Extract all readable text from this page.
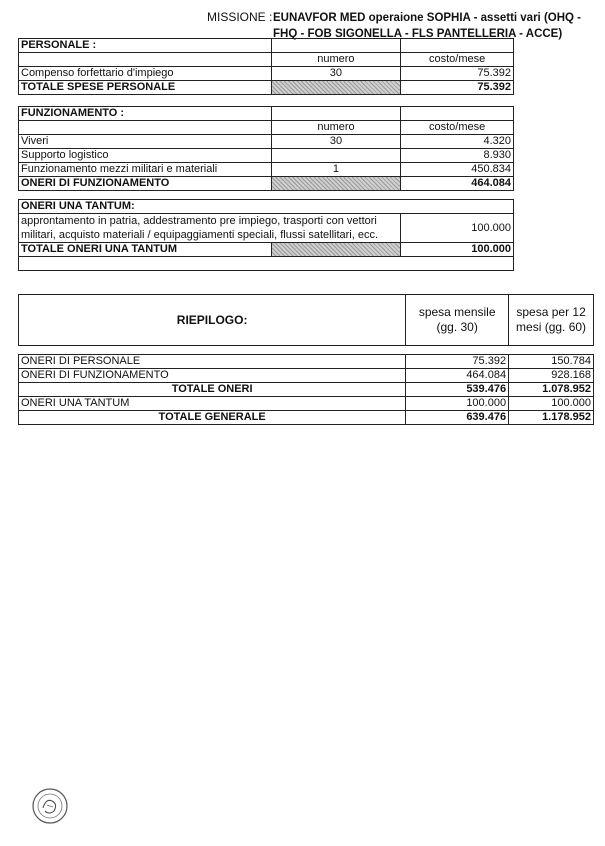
MISSIONE : EUNAVFOR MED operaione SOPHIA - assetti vari (OHQ - FHQ - FOB SIGONELLA - FLS PANTELLERIA - ACCE)
PERSONALE :		
	numero	costo/mese
Compenso forfettario d'impiego	30	75.392
TOTALE SPESE PERSONALE		75.392
FUNZIONAMENTO :		
	numero	costo/mese
Viveri	30	4.320
Supporto logistico		8.930
Funzionamento mezzi militari e materiali	1	450.834
ONERI DI FUNZIONAMENTO		464.084
ONERI UNA TANTUM:		
approntamento in patria, addestramento pre impiego, trasporti con vettori militari, acquisto materiali / equipaggiamenti speciali, flussi satellitari, ecc.		100.000
TOTALE ONERI UNA TANTUM		100.000

RIEPILOGO:	spesa mensile (gg. 30)	spesa per 12 mesi (gg. 60)
ONERI DI PERSONALE	75.392	150.784
ONERI DI FUNZIONAMENTO	464.084	928.168
TOTALE ONERI	539.476	1.078.952
ONERI UNA TANTUM	100.000	100.000
TOTALE GENERALE	639.476	1.178.952
